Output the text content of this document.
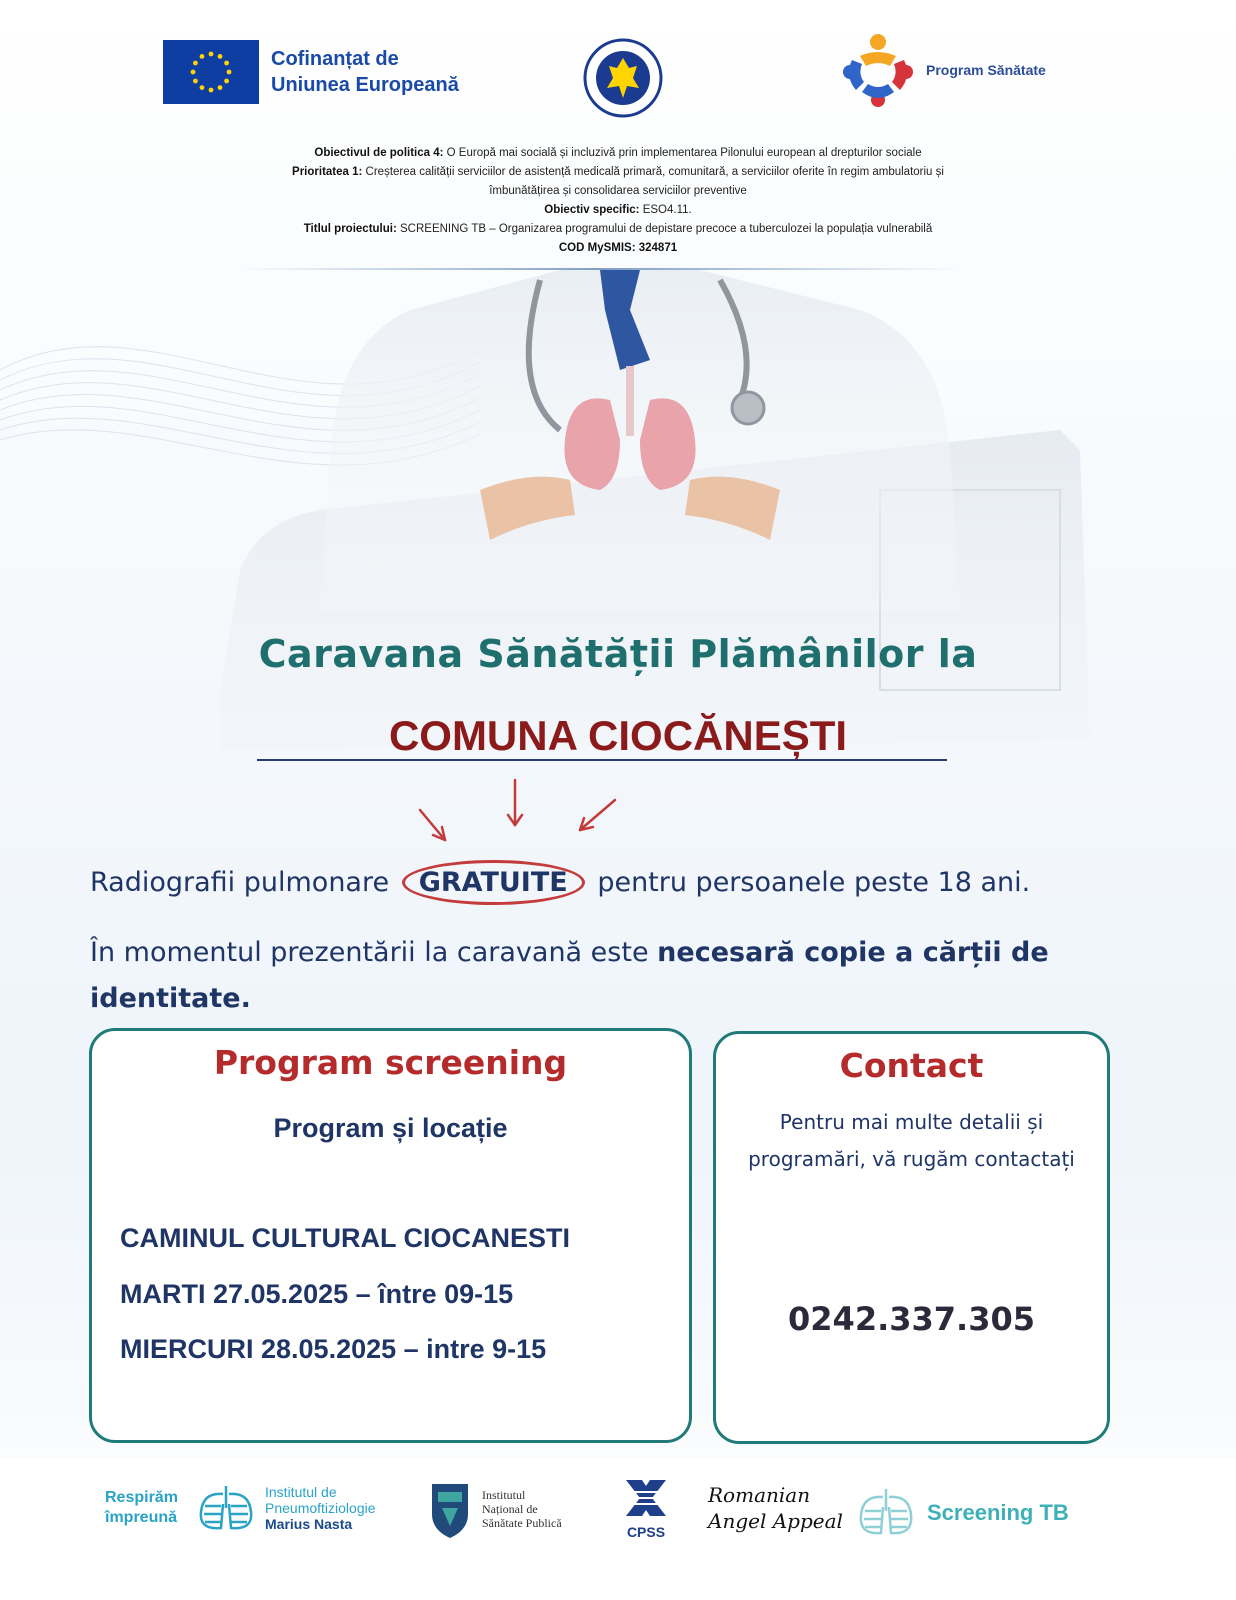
Cofinanțat de
Uniunea Europeană
Program Sănătate
Obiectivul de politica 4: O Europă mai socială și incluzivă prin implementarea Pilonului european al drepturilor sociale
Prioritatea 1: Creșterea calității serviciilor de asistență medicală primară, comunitară, a serviciilor oferite în regim ambulatoriu și
îmbunătățirea și consolidarea serviciilor preventive
Obiectiv specific: ESO4.11.
Titlul proiectului: SCREENING TB – Organizarea programului de depistare precoce a tuberculozei la populația vulnerabilă
COD MySMIS: 324871
Caravana Sănătății Plămânilor la
COMUNA CIOCĂNEȘTI
Radiografii pulmonare GRATUITE pentru persoanele peste 18 ani.
În momentul prezentării la caravană este necesară copie a cărții de identitate.
Program screening
Program și locație
CAMINUL CULTURAL CIOCANESTI
MARTI 27.05.2025 – între 09-15
MIERCURI 28.05.2025 – intre 9-15
Contact
Pentru mai multe detalii și
programări, vă rugăm contactați
0242.337.305
Respirăm
împreună
Institutul de
Pneumoftiziologie
Marius Nasta
Institutul
Național de
Sănătate Publică
CPSS
Romanian
Angel Appeal	Screening TB
